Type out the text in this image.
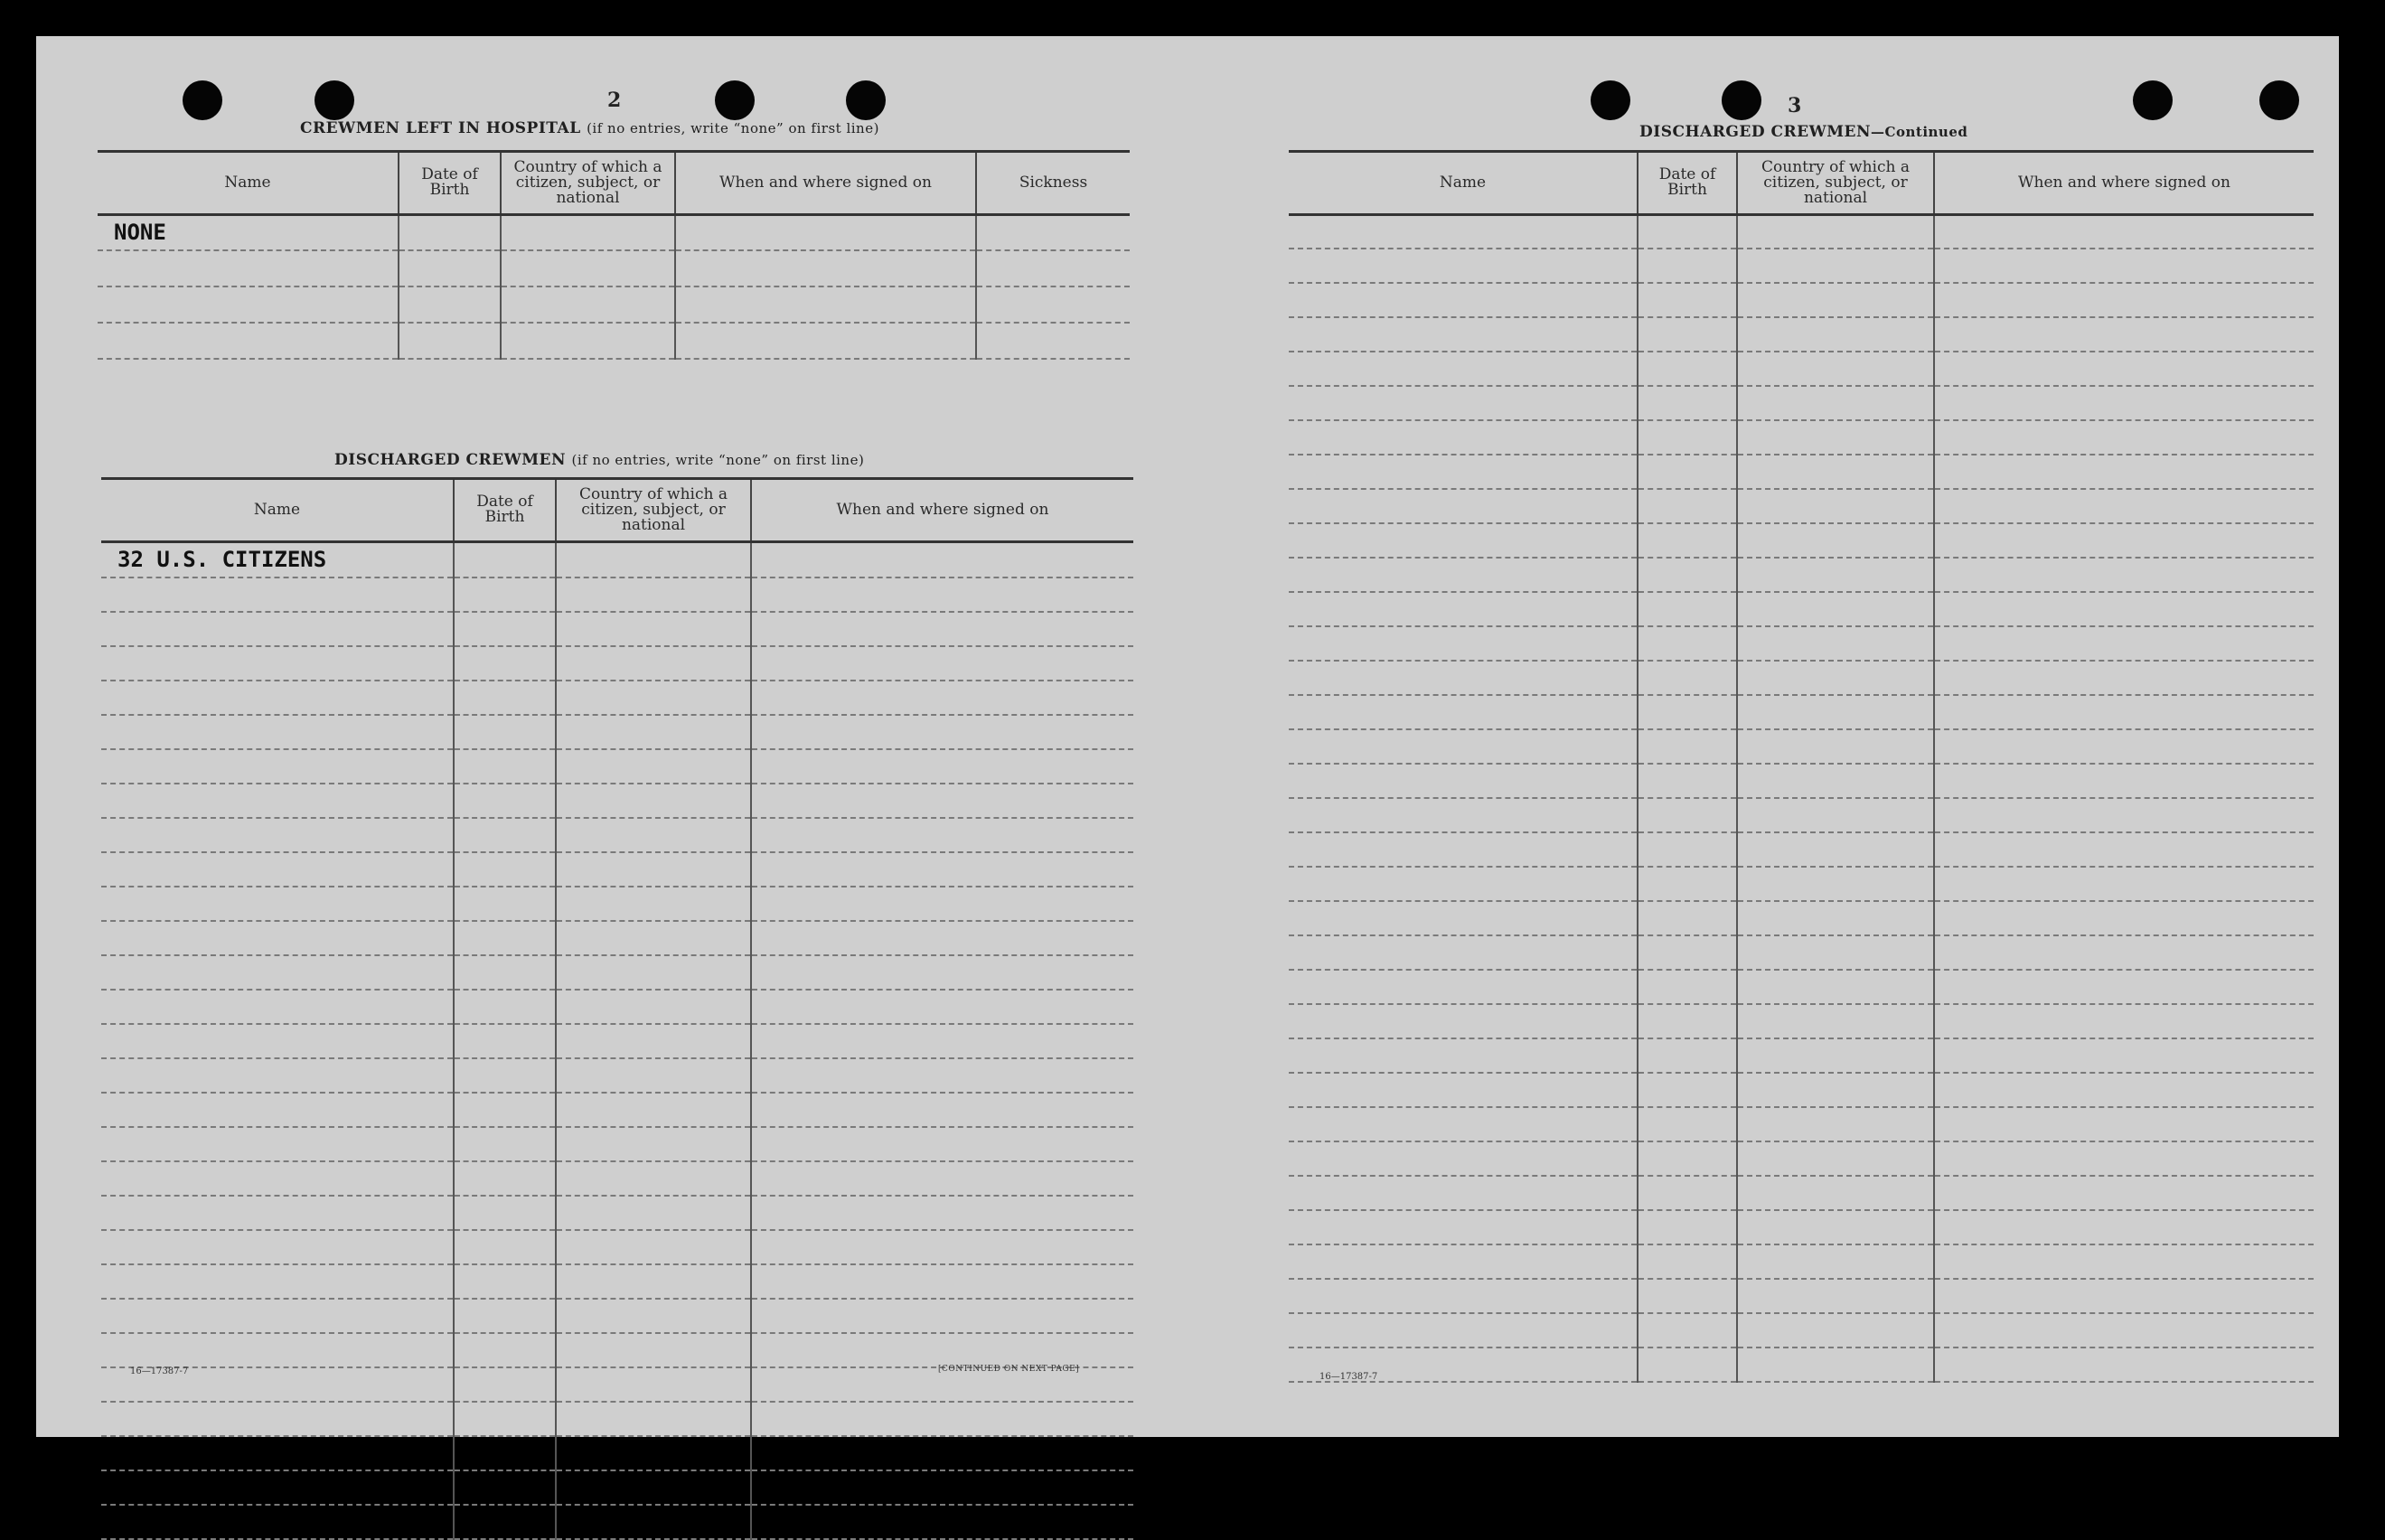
2
CREWMEN LEFT IN HOSPITAL (if no entries, write “none” on first line)
Name	Date of Birth	Country of which a citizen, subject, or national	When and where signed on	Sickness
NONE				

DISCHARGED CREWMEN (if no entries, write “none” on first line)
Name	Date of Birth	Country of which a citizen, subject, or national	When and where signed on
32 U.S. CITIZENS			

16—17387-7	[CONTINUED ON NEXT PAGE]
3
DISCHARGED CREWMEN—Continued
Name	Date of Birth	Country of which a citizen, subject, or national	When and where signed on

16—17387-7
